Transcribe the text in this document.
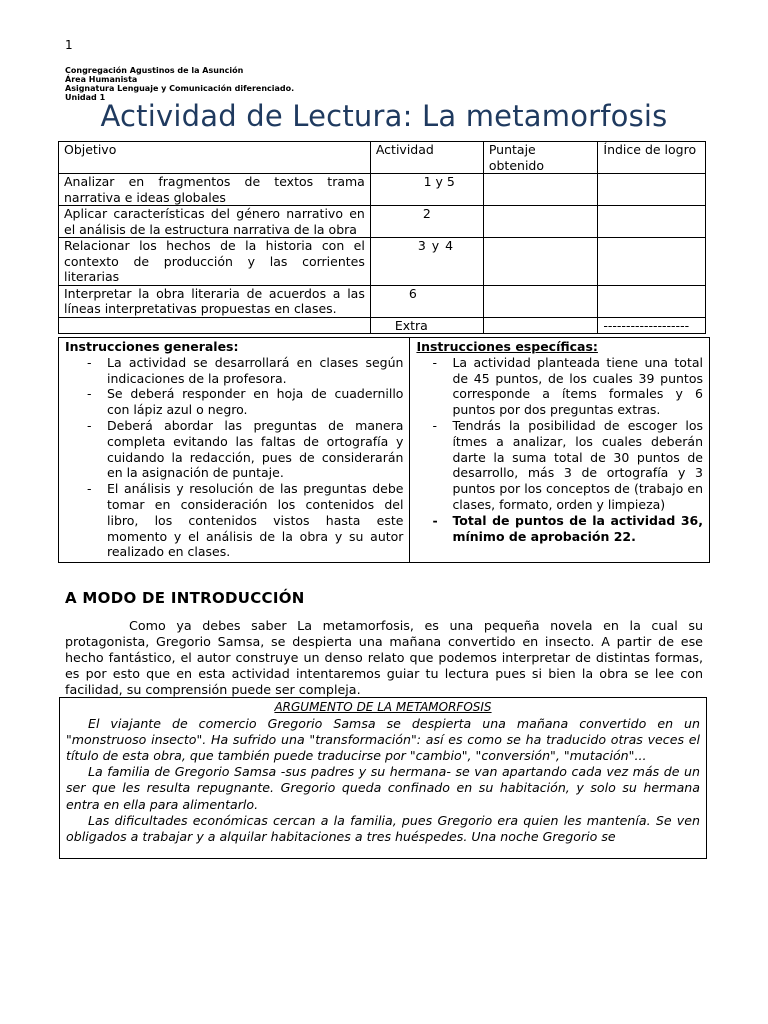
1
Congregación Agustinos de la Asunción
Área Humanista
Asignatura Lenguaje y Comunicación diferenciado.
Unidad 1
Actividad de Lectura: La metamorfosis
Objetivo	Actividad	Puntaje obtenido	Índice de logro
Analizar en fragmentos de textos trama narrativa e ideas globales	1 y 5		
Aplicar características del género narrativo en el análisis de la estructura narrativa de la obra	2		
Relacionar los hechos de la historia con el contexto de producción y las corrientes literarias	3 y 4		

Interpretar la obra literaria de acuerdos a las líneas interpretativas propuestas en clases.	6		
	Extra		-------------------
Instrucciones generales:
- La actividad se desarrollará en clases según indicaciones de la profesora.
- Se deberá responder en hoja de cuadernillo con lápiz azul o negro.
- Deberá abordar las preguntas de manera completa evitando las faltas de ortografía y cuidando la redacción, pues de considerarán en la asignación de puntaje.
- El análisis y resolución de las preguntas debe tomar en consideración los contenidos del libro, los contenidos vistos hasta este momento y el análisis de la obra y su autor realizado en clases.

Instrucciones específicas:
- La actividad planteada tiene una total de 45 puntos, de los cuales 39 puntos corresponde a ítems formales y 6 puntos por dos preguntas extras.
- Tendrás la posibilidad de escoger los ítmes a analizar, los cuales deberán darte la suma total de 30 puntos de desarrollo, más 3 de ortografía y 3 puntos por los conceptos de (trabajo en clases, formato, orden y limpieza)
- Total de puntos de la actividad 36, mínimo de aprobación 22.
A MODO DE INTRODUCCIÓN

Como ya debes saber La metamorfosis, es una pequeña novela en la cual su protagonista, Gregorio Samsa, se despierta una mañana convertido en insecto. A partir de ese hecho fantástico, el autor construye un denso relato que podemos interpretar de distintas formas, es por esto que en esta actividad intentaremos guiar tu lectura pues si bien la obra se lee con facilidad, su comprensión puede ser compleja.

ARGUMENTO DE LA METAMORFOSIS

El viajante de comercio Gregorio Samsa se despierta una mañana convertido en un "monstruoso insecto". Ha sufrido una "transformación": así es como se ha traducido otras veces el título de esta obra, que también puede traducirse por "cambio", "conversión", "mutación"...

La familia de Gregorio Samsa -sus padres y su hermana- se van apartando cada vez más de un ser que les resulta repugnante. Gregorio queda confinado en su habitación, y solo su hermana entra en ella para alimentarlo.

Las dificultades económicas cercan a la familia, pues Gregorio era quien les mantenía. Se ven obligados a trabajar y a alquilar habitaciones a tres huéspedes. Una noche Gregorio se
